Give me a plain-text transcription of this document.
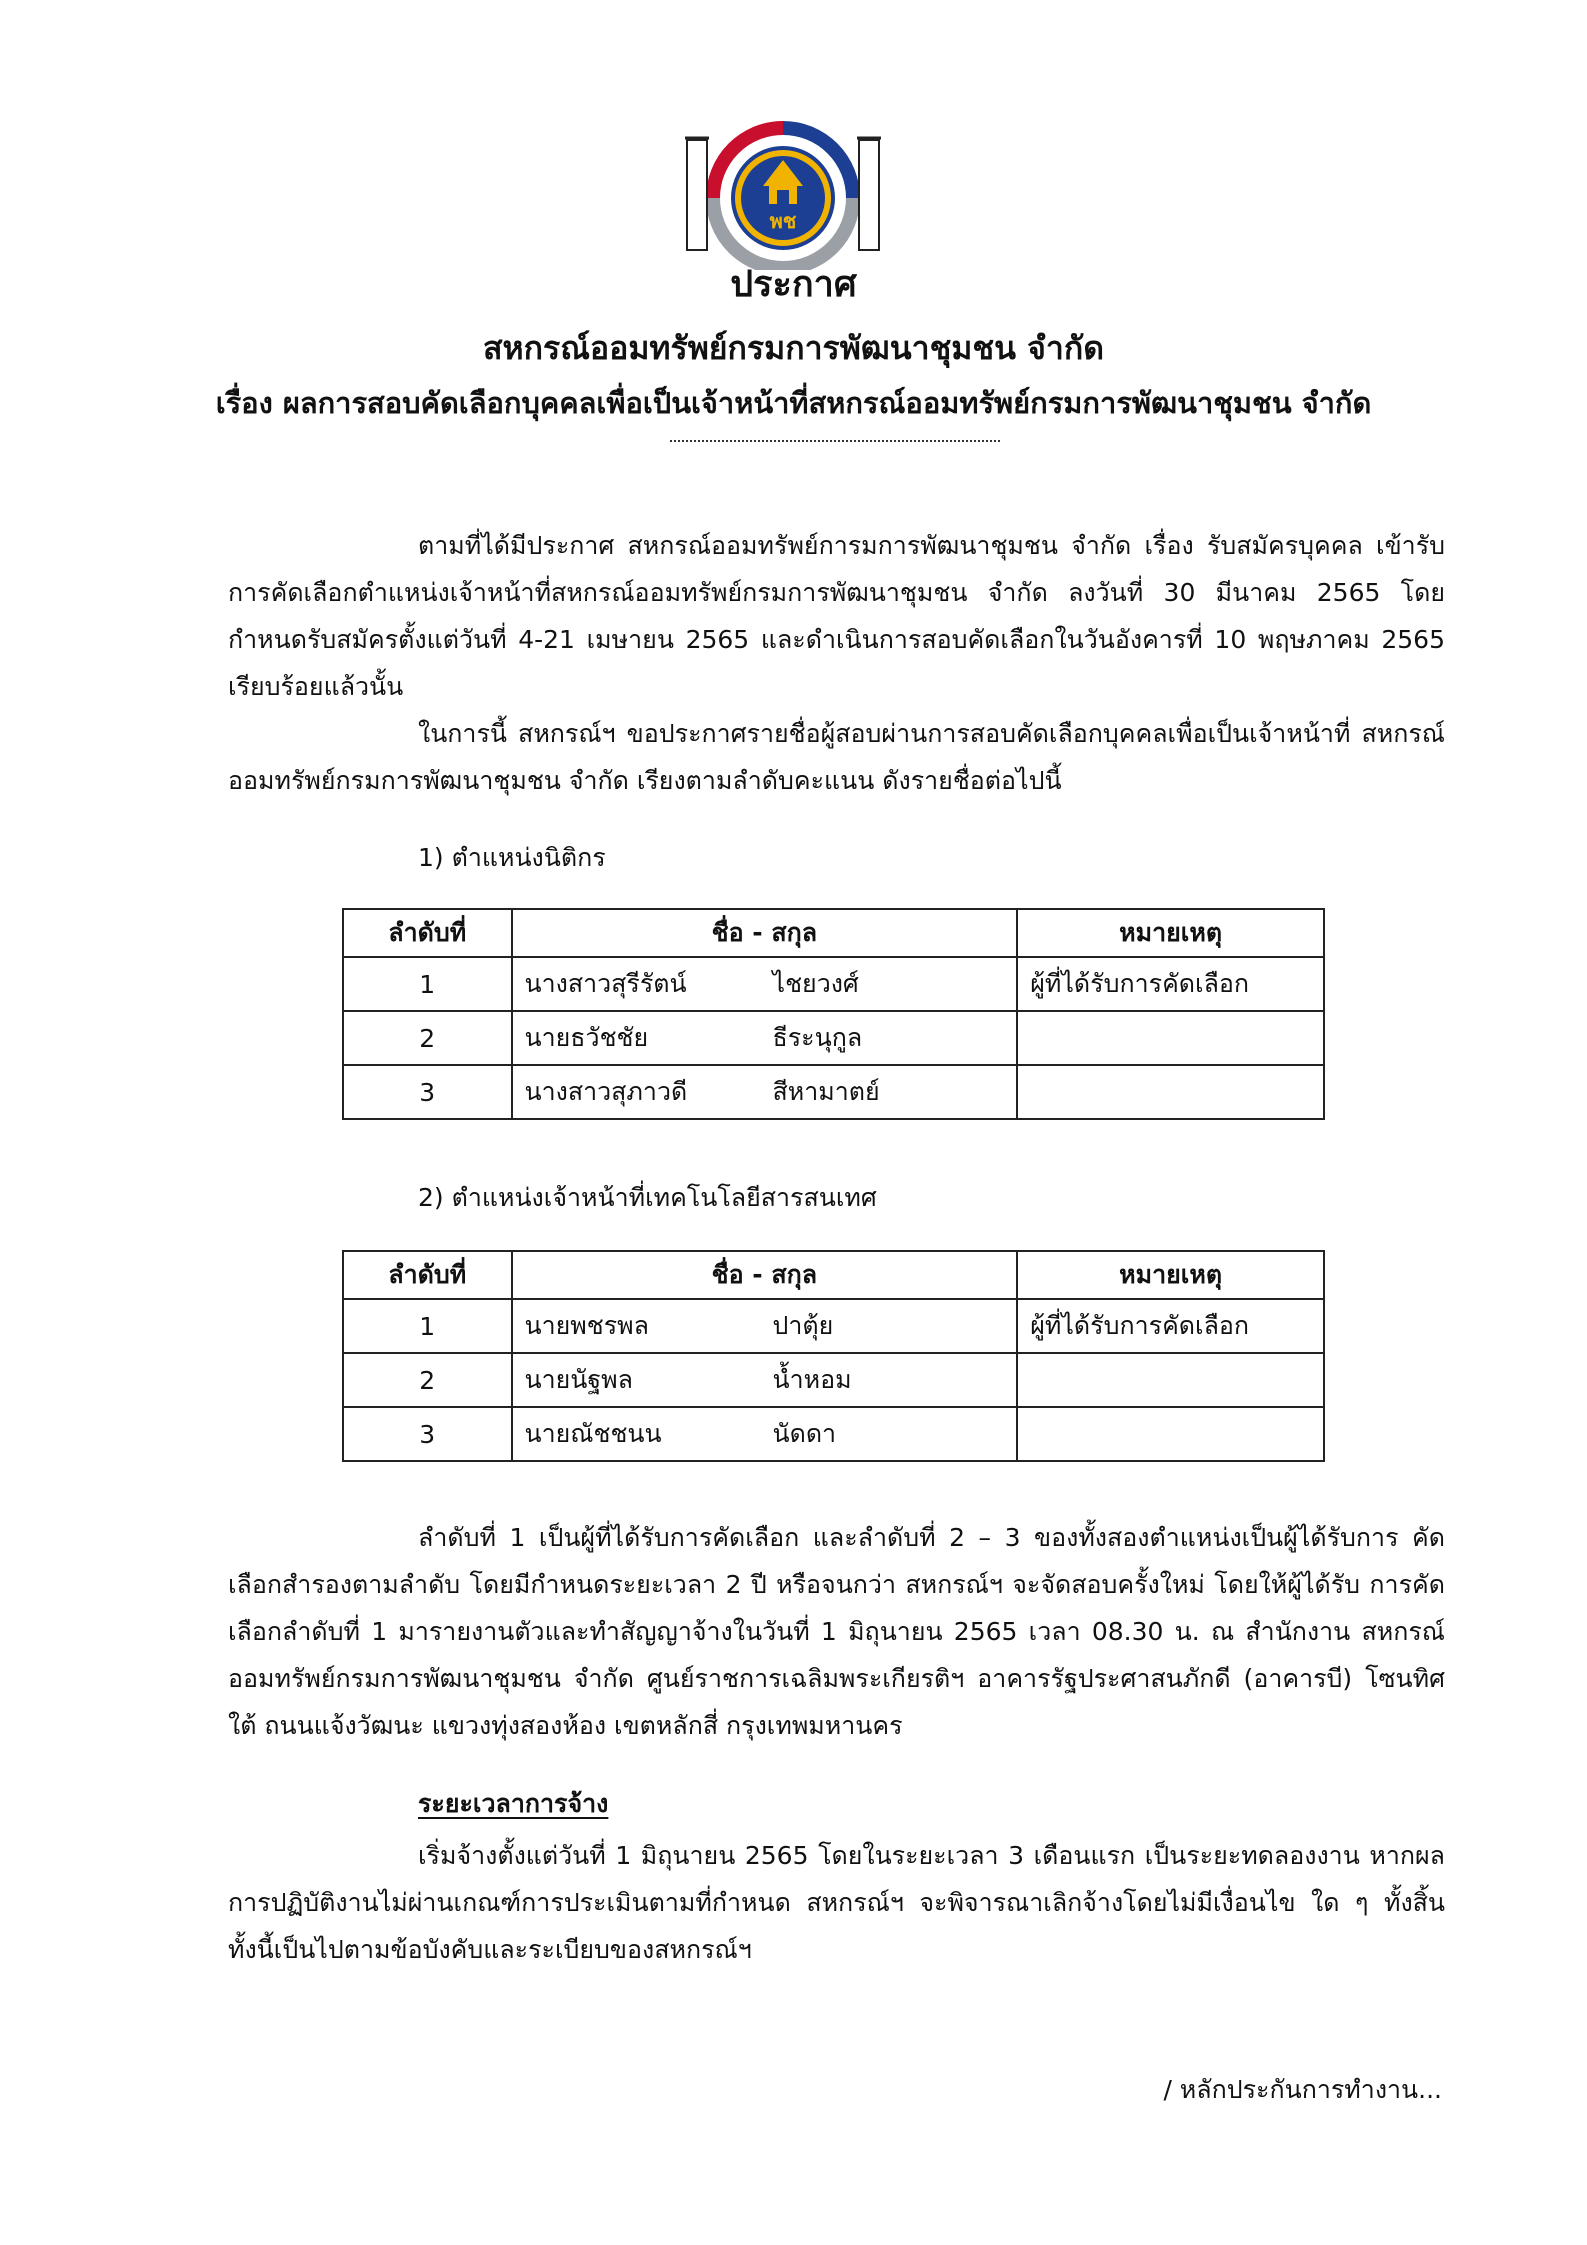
พช
ประกาศ
สหกรณ์ออมทรัพย์กรมการพัฒนาชุมชน จำกัด
เรื่อง ผลการสอบคัดเลือกบุคคลเพื่อเป็นเจ้าหน้าที่สหกรณ์ออมทรัพย์กรมการพัฒนาชุมชน จำกัด

ตามที่ได้มีประกาศ สหกรณ์ออมทรัพย์การมการพัฒนาชุมชน จำกัด เรื่อง รับสมัครบุคคล เข้ารับการคัดเลือกตำแหน่งเจ้าหน้าที่สหกรณ์ออมทรัพย์กรมการพัฒนาชุมชน จำกัด ลงวันที่ 30 มีนาคม 2565 โดยกำหนดรับสมัครตั้งแต่วันที่ 4-21 เมษายน 2565 และดำเนินการสอบคัดเลือกในวันอังคารที่ 10 พฤษภาคม 2565 เรียบร้อยแล้วนั้น

ในการนี้ สหกรณ์ฯ ขอประกาศรายชื่อผู้สอบผ่านการสอบคัดเลือกบุคคลเพื่อเป็นเจ้าหน้าที่ สหกรณ์ออมทรัพย์กรมการพัฒนาชุมชน จำกัด เรียงตามลำดับคะแนน ดังรายชื่อต่อไปนี้

1) ตำแหน่งนิติกร
ลำดับที่	ชื่อ - สกุล	หมายเหตุ
1	นางสาวสุรีรัตน์ ไชยวงศ์	ผู้ที่ได้รับการคัดเลือก
2	นายธวัชชัย ธีระนุกูล	
3	นางสาวสุภาวดี สีหามาตย์	
2) ตำแหน่งเจ้าหน้าที่เทคโนโลยีสารสนเทศ
ลำดับที่	ชื่อ - สกุล	หมายเหตุ
1	นายพชรพล ปาตุ้ย	ผู้ที่ได้รับการคัดเลือก
2	นายนัฐพล น้ำหอม	
3	นายณัชชนน นัดดา	

ลำดับที่ 1 เป็นผู้ที่ได้รับการคัดเลือก และลำดับที่ 2 – 3 ของทั้งสองตำแหน่งเป็นผู้ได้รับการ คัดเลือกสำรองตามลำดับ โดยมีกำหนดระยะเวลา 2 ปี หรือจนกว่า สหกรณ์ฯ จะจัดสอบครั้งใหม่ โดยให้ผู้ได้รับ การคัดเลือกลำดับที่ 1 มารายงานตัวและทำสัญญาจ้างในวันที่ 1 มิถุนายน 2565 เวลา 08.30 น. ณ สำนักงาน สหกรณ์ออมทรัพย์กรมการพัฒนาชุมชน จำกัด ศูนย์ราชการเฉลิมพระเกียรติฯ อาคารรัฐประศาสนภักดี (อาคารบี) โซนทิศใต้ ถนนแจ้งวัฒนะ แขวงทุ่งสองห้อง เขตหลักสี่ กรุงเทพมหานคร

ระยะเวลาการจ้าง

เริ่มจ้างตั้งแต่วันที่ 1 มิถุนายน 2565 โดยในระยะเวลา 3 เดือนแรก เป็นระยะทดลองงาน หากผลการปฏิบัติงานไม่ผ่านเกณฑ์การประเมินตามที่กำหนด สหกรณ์ฯ จะพิจารณาเลิกจ้างโดยไม่มีเงื่อนไข ใด ๆ ทั้งสิ้น ทั้งนี้เป็นไปตามข้อบังคับและระเบียบของสหกรณ์ฯ

/ หลักประกันการทำงาน...
